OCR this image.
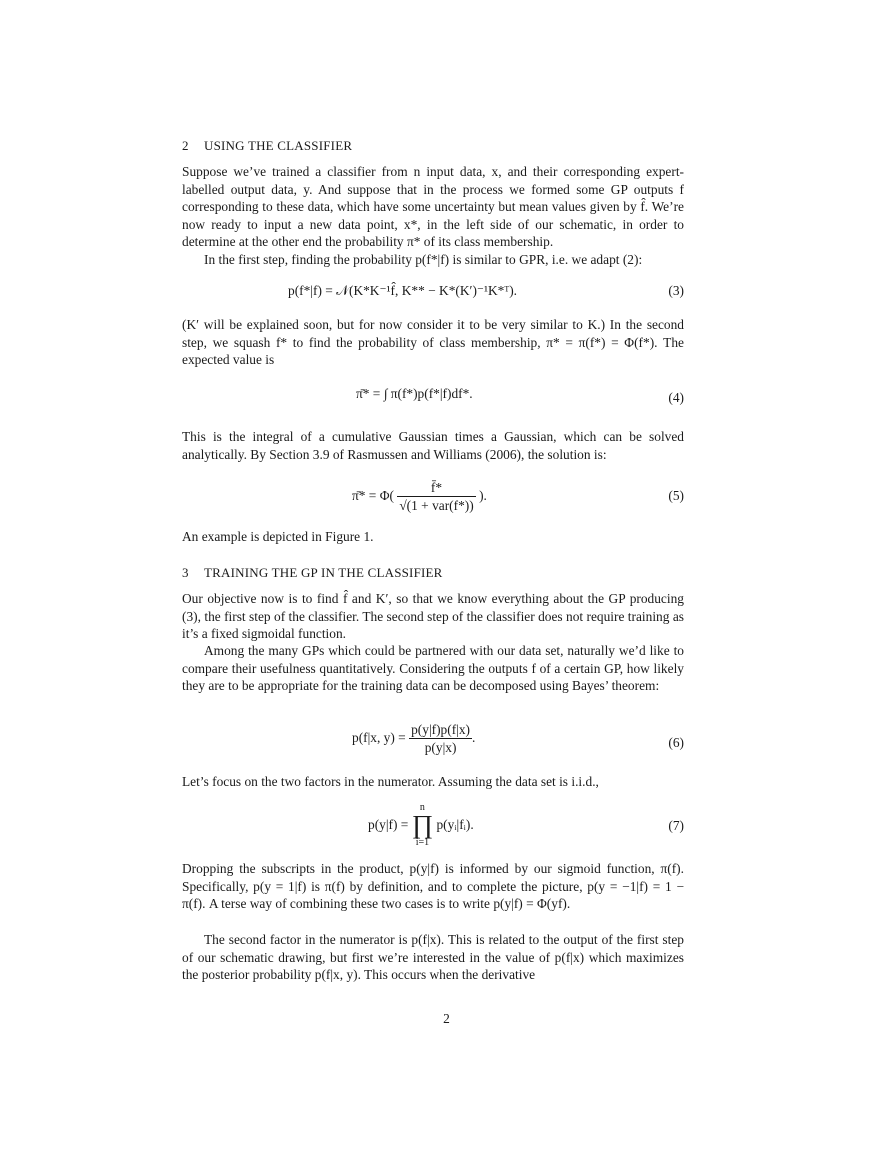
2 USING THE CLASSIFIER
Suppose we’ve trained a classifier from n input data, x, and their corresponding expert-labelled output data, y. And suppose that in the process we formed some GP outputs f corresponding to these data, which have some uncertainty but mean values given by f̂. We’re now ready to input a new data point, x*, in the left side of our schematic, in order to determine at the other end the probability π* of its class membership.
In the first step, finding the probability p(f*|f) is similar to GPR, i.e. we adapt (2):
p(f*|f) = 𝒩(K*K⁻¹f̂, K** − K*(K′)⁻¹K*ᵀ).	(3)
(K′ will be explained soon, but for now consider it to be very similar to K.) In the second step, we squash f* to find the probability of class membership, π* = π(f*) = Φ(f*). The expected value is
π̄* = ∫ π(f*)p(f*|f)df*.	(4)
This is the integral of a cumulative Gaussian times a Gaussian, which can be solved analytically. By Section 3.9 of Rasmussen and Williams (2006), the solution is:
π̄* = $\Phi( \frac{f̄*}{\text{√(1 + var(f*))}}$ ).	(5)
An example is depicted in Figure 1.
3 TRAINING THE GP IN THE CLASSIFIER
Our objective now is to find f̂ and K′, so that we know everything about the GP producing (3), the first step of the classifier. The second step of the classifier does not require training as it’s a fixed sigmoidal function.
Among the many GPs which could be partnered with our data set, naturally we’d like to compare their usefulness quantitatively. Considering the outputs f of a certain GP, how likely they are to be appropriate for the training data can be decomposed using Bayes’ theorem:
p(f|x, $y) = \frac{p(y|f)p(f|x)}{p(y|x)}$ .	(6)
Let’s focus on the two factors in the numerator. Assuming the data set is i.i.d.,
p(y|f) = n
∏
i=1 p(yᵢ|fᵢ).	(7)
Dropping the subscripts in the product, p(y|f) is informed by our sigmoid function, π(f). Specifically, p(y = 1|f) is π(f) by definition, and to complete the picture, p(y = −1|f) = 1 − π(f). A terse way of combining these two cases is to write p(y|f) = Φ(yf).
The second factor in the numerator is p(f|x). This is related to the output of the first step of our schematic drawing, but first we’re interested in the value of p(f|x) which maximizes the posterior probability p(f|x, y). This occurs when the derivative
2
